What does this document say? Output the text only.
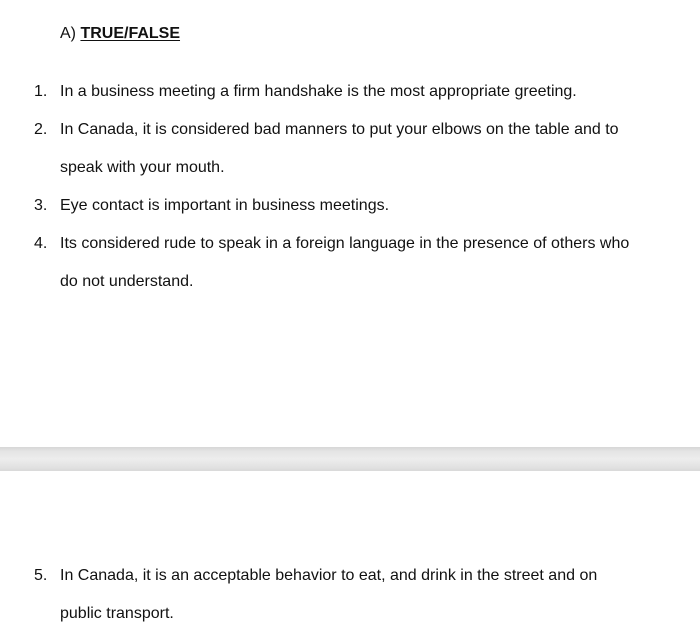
A) TRUE/FALSE
1. In a business meeting a firm handshake is the most appropriate greeting.
2. In Canada, it is considered bad manners to put your elbows on the table and to
speak with your mouth.
3. Eye contact is important in business meetings.
4. Its considered rude to speak in a foreign language in the presence of others who
do not understand.
5. In Canada, it is an acceptable behavior to eat, and drink in the street and on
public transport.
